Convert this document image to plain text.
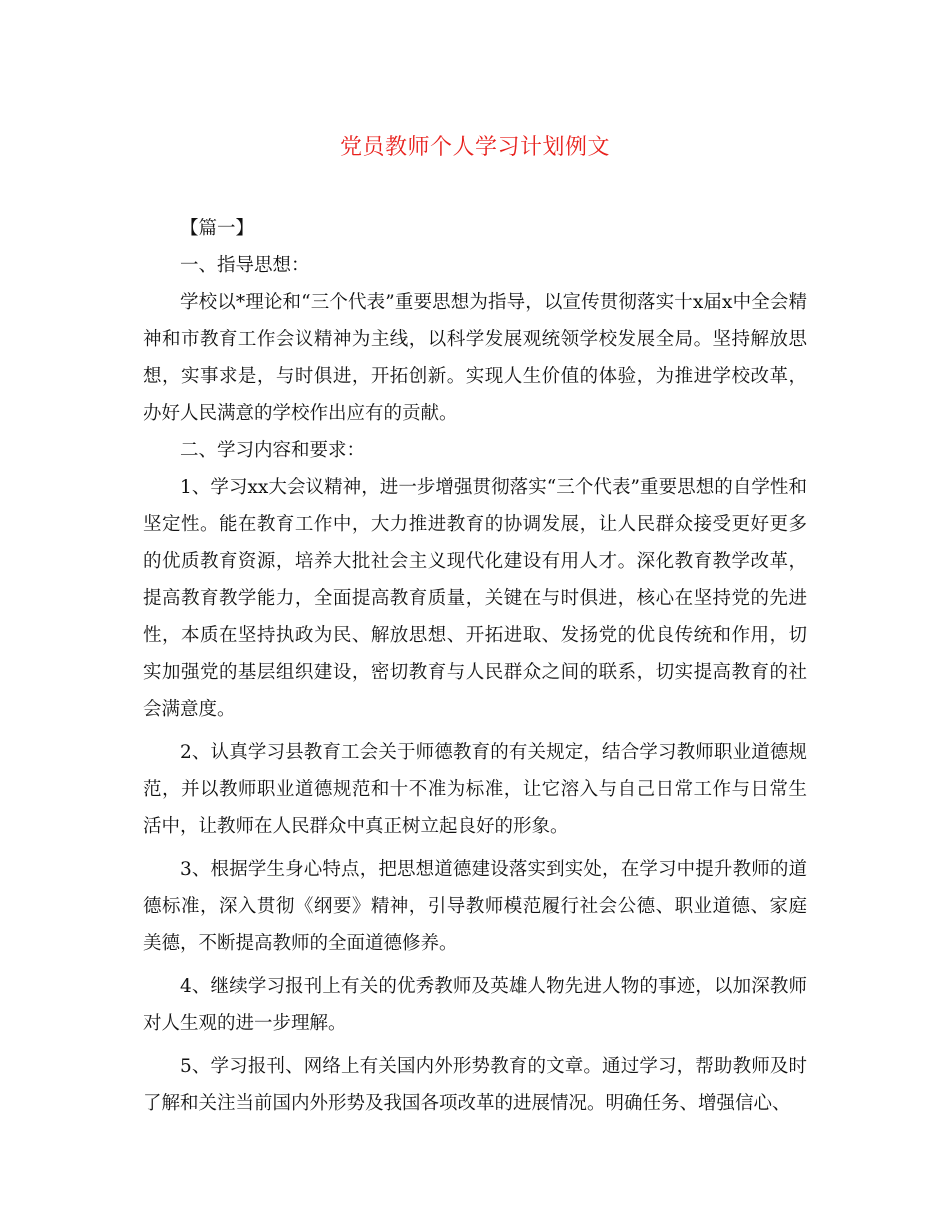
党员教师个人学习计划例文

【篇一】

一、指导思想：

学校以*理论和“三个代表”重要思想为指导，以宣传贯彻落实十x届x中全会精神和市教育工作会议精神为主线，以科学发展观统领学校发展全局。坚持解放思想，实事求是，与时俱进，开拓创新。实现人生价值的体验，为推进学校改革，办好人民满意的学校作出应有的贡献。

二、学习内容和要求：

1、学习xx大会议精神，进一步增强贯彻落实“三个代表”重要思想的自学性和坚定性。能在教育工作中，大力推进教育的协调发展，让人民群众接受更好更多的优质教育资源，培养大批社会主义现代化建设有用人才。深化教育教学改革，提高教育教学能力，全面提高教育质量，关键在与时俱进，核心在坚持党的先进性，本质在坚持执政为民、解放思想、开拓进取、发扬党的优良传统和作用，切实加强党的基层组织建设，密切教育与人民群众之间的联系，切实提高教育的社会满意度。

2、认真学习县教育工会关于师德教育的有关规定，结合学习教师职业道德规范，并以教师职业道德规范和十不准为标准，让它溶入与自己日常工作与日常生活中，让教师在人民群众中真正树立起良好的形象。

3、根据学生身心特点，把思想道德建设落实到实处，在学习中提升教师的道德标准，深入贯彻《纲要》精神，引导教师模范履行社会公德、职业道德、家庭美德，不断提高教师的全面道德修养。

4、继续学习报刊上有关的优秀教师及英雄人物先进人物的事迹，以加深教师对人生观的进一步理解。

5、学习报刊、网络上有关国内外形势教育的文章。通过学习，帮助教师及时了解和关注当前国内外形势及我国各项改革的进展情况。明确任务、增强信心、
